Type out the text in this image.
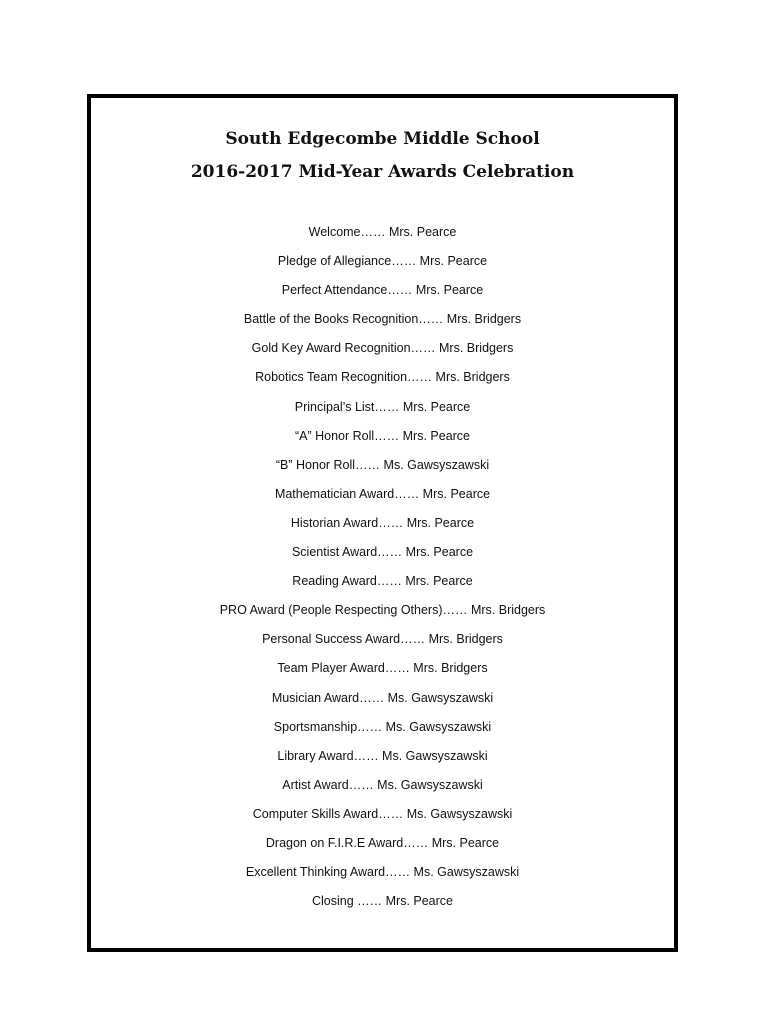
South Edgecombe Middle School
2016-2017 Mid-Year Awards Celebration
Welcome…… Mrs. Pearce
Pledge of Allegiance…… Mrs. Pearce
Perfect Attendance…… Mrs. Pearce
Battle of the Books Recognition…… Mrs. Bridgers
Gold Key Award Recognition…… Mrs. Bridgers
Robotics Team Recognition…… Mrs. Bridgers
Principal’s List…… Mrs. Pearce
“A” Honor Roll…… Mrs. Pearce
“B” Honor Roll…… Ms. Gawsyszawski
Mathematician Award…… Mrs. Pearce
Historian Award…… Mrs. Pearce
Scientist Award…… Mrs. Pearce
Reading Award…… Mrs. Pearce
PRO Award (People Respecting Others)…… Mrs. Bridgers
Personal Success Award…… Mrs. Bridgers
Team Player Award…… Mrs. Bridgers
Musician Award…… Ms. Gawsyszawski
Sportsmanship…… Ms. Gawsyszawski
Library Award…… Ms. Gawsyszawski
Artist Award…… Ms. Gawsyszawski
Computer Skills Award…… Ms. Gawsyszawski
Dragon on F.I.R.E Award…… Mrs. Pearce
Excellent Thinking Award…… Ms. Gawsyszawski
Closing …… Mrs. Pearce
